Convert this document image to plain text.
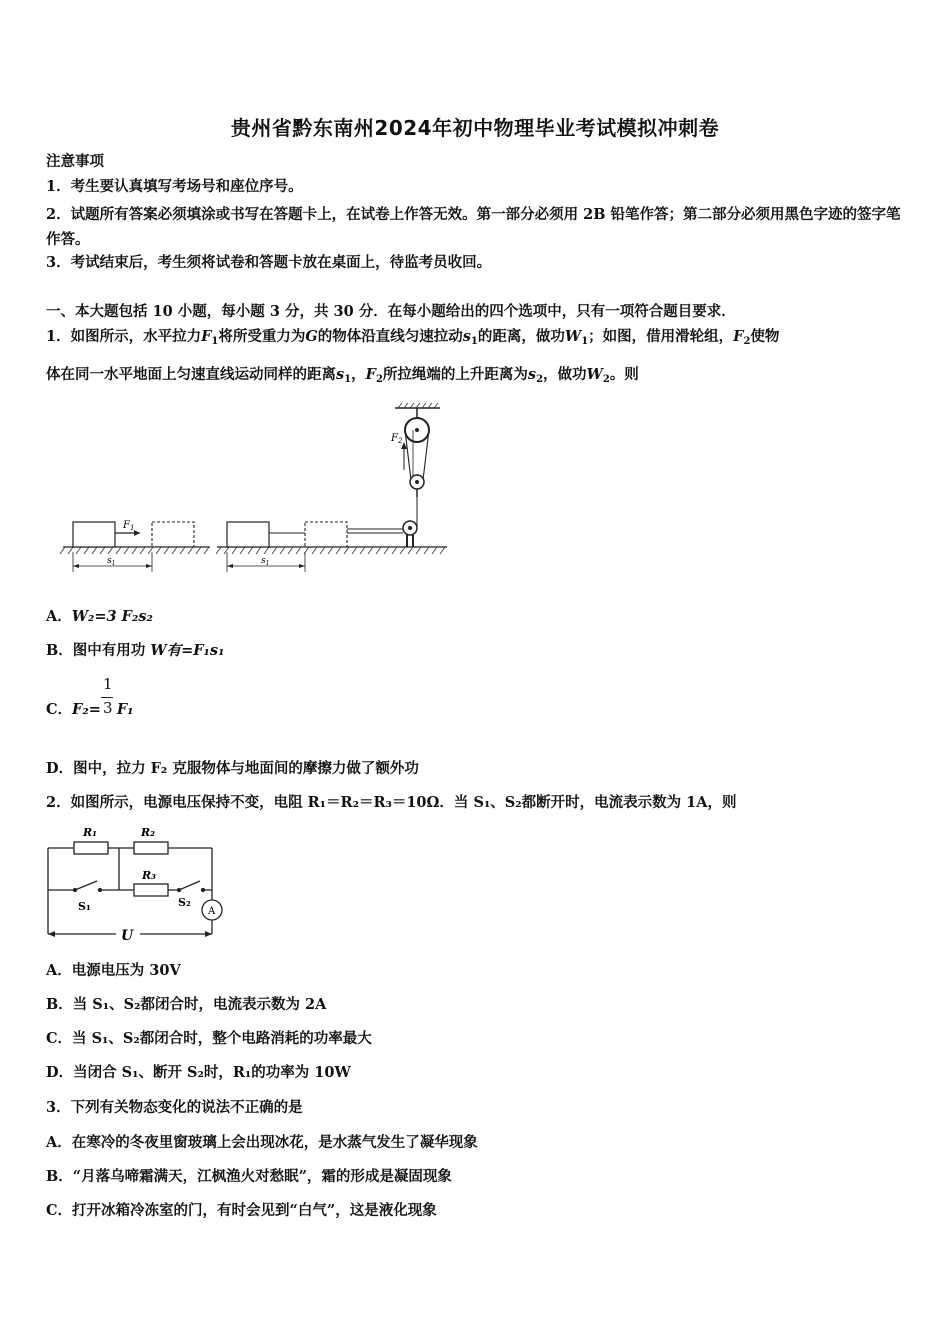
贵州省黔东南州2024年初中物理毕业考试模拟冲刺卷
注意事项
1．考生要认真填写考场号和座位序号。
2．试题所有答案必须填涂或书写在答题卡上，在试卷上作答无效。第一部分必须用 2B 铅笔作答；第二部分必须用黑色字迹的签字笔作答。
3．考试结束后，考生须将试卷和答题卡放在桌面上，待监考员收回。
一、本大题包括 10 小题，每小题 3 分，共 30 分．在每小题给出的四个选项中，只有一项符合题目要求．
1．如图所示，水平拉力$F_1$将所受重力为G的物体沿直线匀速拉动$s_1$的距离，做功$W_1$；如图，借用滑轮组，$F_2$使物
体在同一水平地面上匀速直线运动同样的距离$s_1$，$F_2$所拉绳端的上升距离为$s_2$，做功$W_2$。则
$F_1$
$s_1$
$F_2$
$s_1$
A．W₂=3 F₂s₂
B．图中有用功 W有=F₁s₁
C．F₂= F₁
1
3
D．图中，拉力 F₂ 克服物体与地面间的摩擦力做了额外功
2．如图所示，电源电压保持不变，电阻 R₁＝R₂＝R₃＝10Ω．当 S₁、S₂都断开时，电流表示数为 1A，则
R₁	R₂
R₃
S₁	S₂
A
U
A．电源电压为 30V
B．当 S₁、S₂都闭合时，电流表示数为 2A
C．当 S₁、S₂都闭合时，整个电路消耗的功率最大
D．当闭合 S₁、断开 S₂时，R₁的功率为 10W
3．下列有关物态变化的说法不正确的是
A．在寒冷的冬夜里窗玻璃上会出现冰花，是水蒸气发生了凝华现象
B．“月落乌啼霜满天，江枫渔火对愁眠”，霜的形成是凝固现象
C．打开冰箱冷冻室的门，有时会见到“白气”，这是液化现象
